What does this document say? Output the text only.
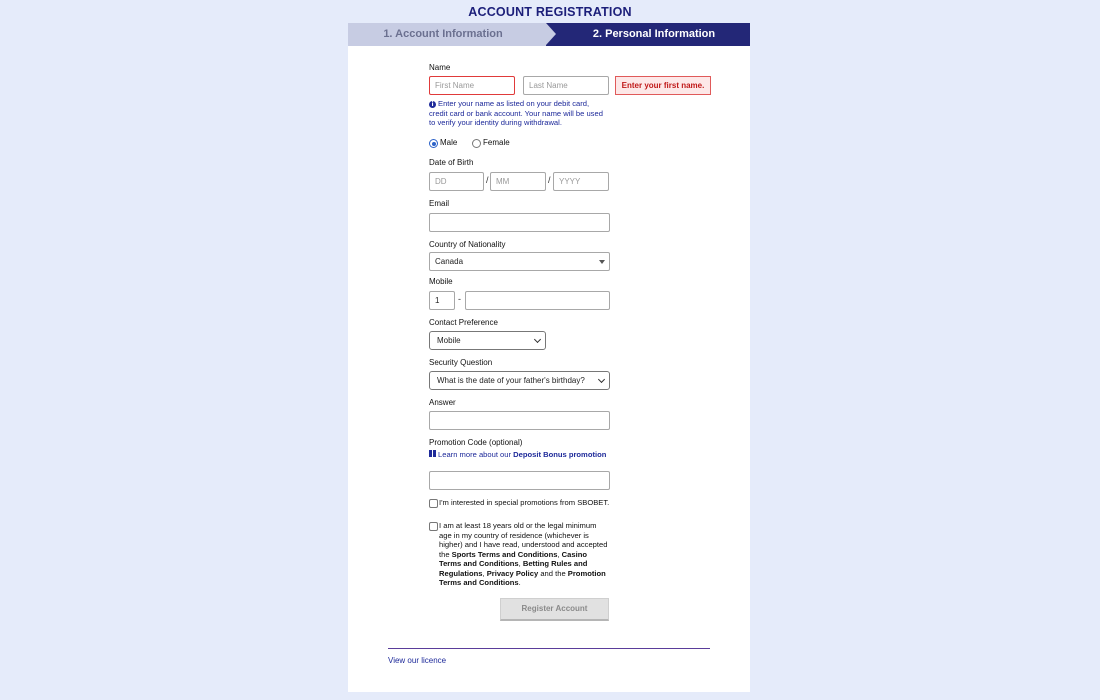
ACCOUNT REGISTRATION
1. Account Information	2. Personal Information
Name
First Name	Last Name	Enter your first name.
i Enter your name as listed on your debit card, credit card or bank account. Your name will be used to verify your identity during withdrawal.
Male	Female
Date of Birth
DD	/ MM	/	YYYY
Email
Country of Nationality
Canada
Mobile
1	-
Contact Preference
Mobile
Security Question
What is the date of your father's birthday?
Answer
Promotion Code (optional)
Learn more about our Deposit Bonus promotion
I'm interested in special promotions from SBOBET.
I am at least 18 years old or the legal minimum age in my country of residence (whichever is higher) and I have read, understood and accepted the Sports Terms and Conditions, Casino Terms and Conditions, Betting Rules and Regulations, Privacy Policy and the Promotion Terms and Conditions.
Register Account
View our licence
